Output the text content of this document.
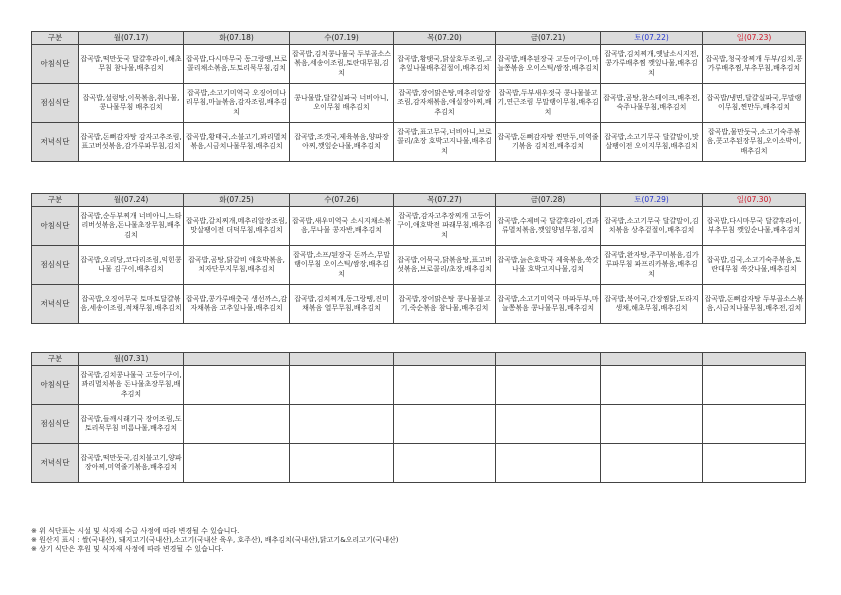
구분	월(07.17)	화(07.18)	수(07.19)	목(07.20)	금(07.21)	토(07.22)	일(07.23)
아침식단	잡곡밥,떡만둣국 달걀후라이,해초무침 참나물,배추김치	잡곡밥,다시마무국 동그랑땡,브로콜리채소볶음,도토리묵무침,김치	잡곡밥,김치콩나물국 두부골소스볶음,세송이조림,토란대무침,김치	잡곡밥,황탯국,닭살호두조림,고추잎나물배추겉절이,배추김치	잡곡밥,배추된장국 고등어구이,마늘쫑볶음 오이스틱/쌈장,배추김치	잡곡밥,김치찌개,옛날소시지전,콩가루배추찜 깻잎나물,배추김치	잡곡밥,청국장찌개 두부/김치,콩가루배추찜,부추무침,배추김치
점심식단	잡곡밥,설렁탕,이묵볶음,취나물,콩나물무침 배추김치	잡곡밥,소고기미역국 오징어미나리무침,마늘볶음,감자조림,배추김치	콩나물밥,달걀실파국 너비아니,오이무침 배추김치	잡곡밥,장어맑은탕,메추리알장조림,감자채볶음,애실장아찌,배추김치	잡곡밥,두부새우젓국 콩나물불고기,연근조림 무말랭이무침,배추김치	잡곡밥,곰탕,참스테이크,배추전,숙주나물무침,배추김치	잡곡밥/냉면,달걀실파국,무말랭이무침,찐만두,배추김치
저녁식단	잡곡밥,돈뼈감자탕 감자고추조림,표고버섯볶음,감가루파무침,김치	잡곡밥,황태국,소불고기,꽈리멸치볶음,시금치나물무침,배추김치	잡곡밥,조갯국,제육볶음,양파장아찌,깻잎순나물,배추김치	잡곡밥,표고무국,너비아니,브로콜리/초장 호박고지나물,배추김치	잡곡밥,돈뼈감자탕 찐만두,미역줄기볶음 김치전,배추김치	잡곡밥,소고기무국 달걀말이,맛살팽이전 오이지무침,배추김치	잡곡밥,물만둣국,소고기숙주볶음,콧고추된장무침,오이소박이,배추김치
구분	월(07.24)	화(07.25)	수(07.26)	목(07.27)	금(07.28)	토(07.29)	일(07.30)
아침식단	잡곡밥,순두부찌개 너비아니,느타리버섯볶음,돈나물초장무침,배추김치	잡곡밥,갈치찌개,메추리알장조림,맛살팽이전 더덕무침,배추김치	잡곡밥,새우미역국 소시지채소볶음,무나물 콩자반,배추김치	잡곡밥,감자고추장찌개 고등어구이,애호박전 파래무침,배추김치	잡곡밥,수제비국 달걀후라이,견과류멸치볶음,깻잎양념무침,김치	잡곡밥,소고기무국 달걀말이,김치볶음 상추겉절이,배추김치	잡곡밥,다시마무국 달걀후라이,부추무침 깻잎순나물,배추김치
점심식단	잡곡밥,오리당,코다리조림,익힌콩나물 김구이,배추김치	잡곡밥,곰탕,닭갈비 애호박볶음,치자단무지무침,배추김치	잡곡밥,소프/된장국 돈까스,무말랭이무침 오이스틱/쌈장,배추김치	잡곡밥,어묵국,닭볶음탕,표고버섯볶음,브로콜리/초장,배추김치	잡곡밥,늙은호박국 제육볶음,쑥갓나물 호박고지나물,김치	잡곡밥,완자탕,주꾸미볶음,김가루파무침 파프리카볶음,배추김치	잡곡밥,김국,소고기숙주볶음,토란대무침 쑥갓나물,배추김치
저녁식단	잡곡밥,오징어무국 토마토달걀볶음,세송이조림,적채무침,배추김치	잡곡밥,콩가루배춧국 생선까스,감자채볶음 고추잎나물,배추김치	잡곡밥,김치찌개,동그랑땡,진미채볶음 열무무침,배추김치	잡곡밥,장어맑은탕 콩나물불고기,죽순볶음 참나물,배추김치	잡곡밥,소고기미역국 마파두부,마늘쫑볶음 콩나물무침,배추김치	잡곡밥,북어국,간장찜닭,도라지생채,해초무침,배추김치	잡곡밥,돈뼈감자탕 두부골소스볶음,시금치나물무침,배추전,김치
구분	월(07.31)						
아침식단	잡곡밥,김치콩나물국 고등어구이,꽈리멸치볶음 돈나물초장무침,배추김치						
점심식단	잡곡밥,들깨시래기국 장어조림,도토리묵무침 비름나물,배추김치						
저녁식단	잡곡밥,떡만둣국,김치불고기,양파장아찌,미역줄기볶음,배추김치						
※ 위 식단표는 시설 및 식자재 수급 사정에 따라 변경될 수 있습니다.
※ 원산지 표시 : 쌀(국내산), 돼지고기(국내산),소고기(국내산 육우, 호주산), 배추김치(국내산),닭고기&오리고기(국내산)
※ 상기 식단은 후원 및 식자재 사정에 따라 변경될 수 있습니다.
